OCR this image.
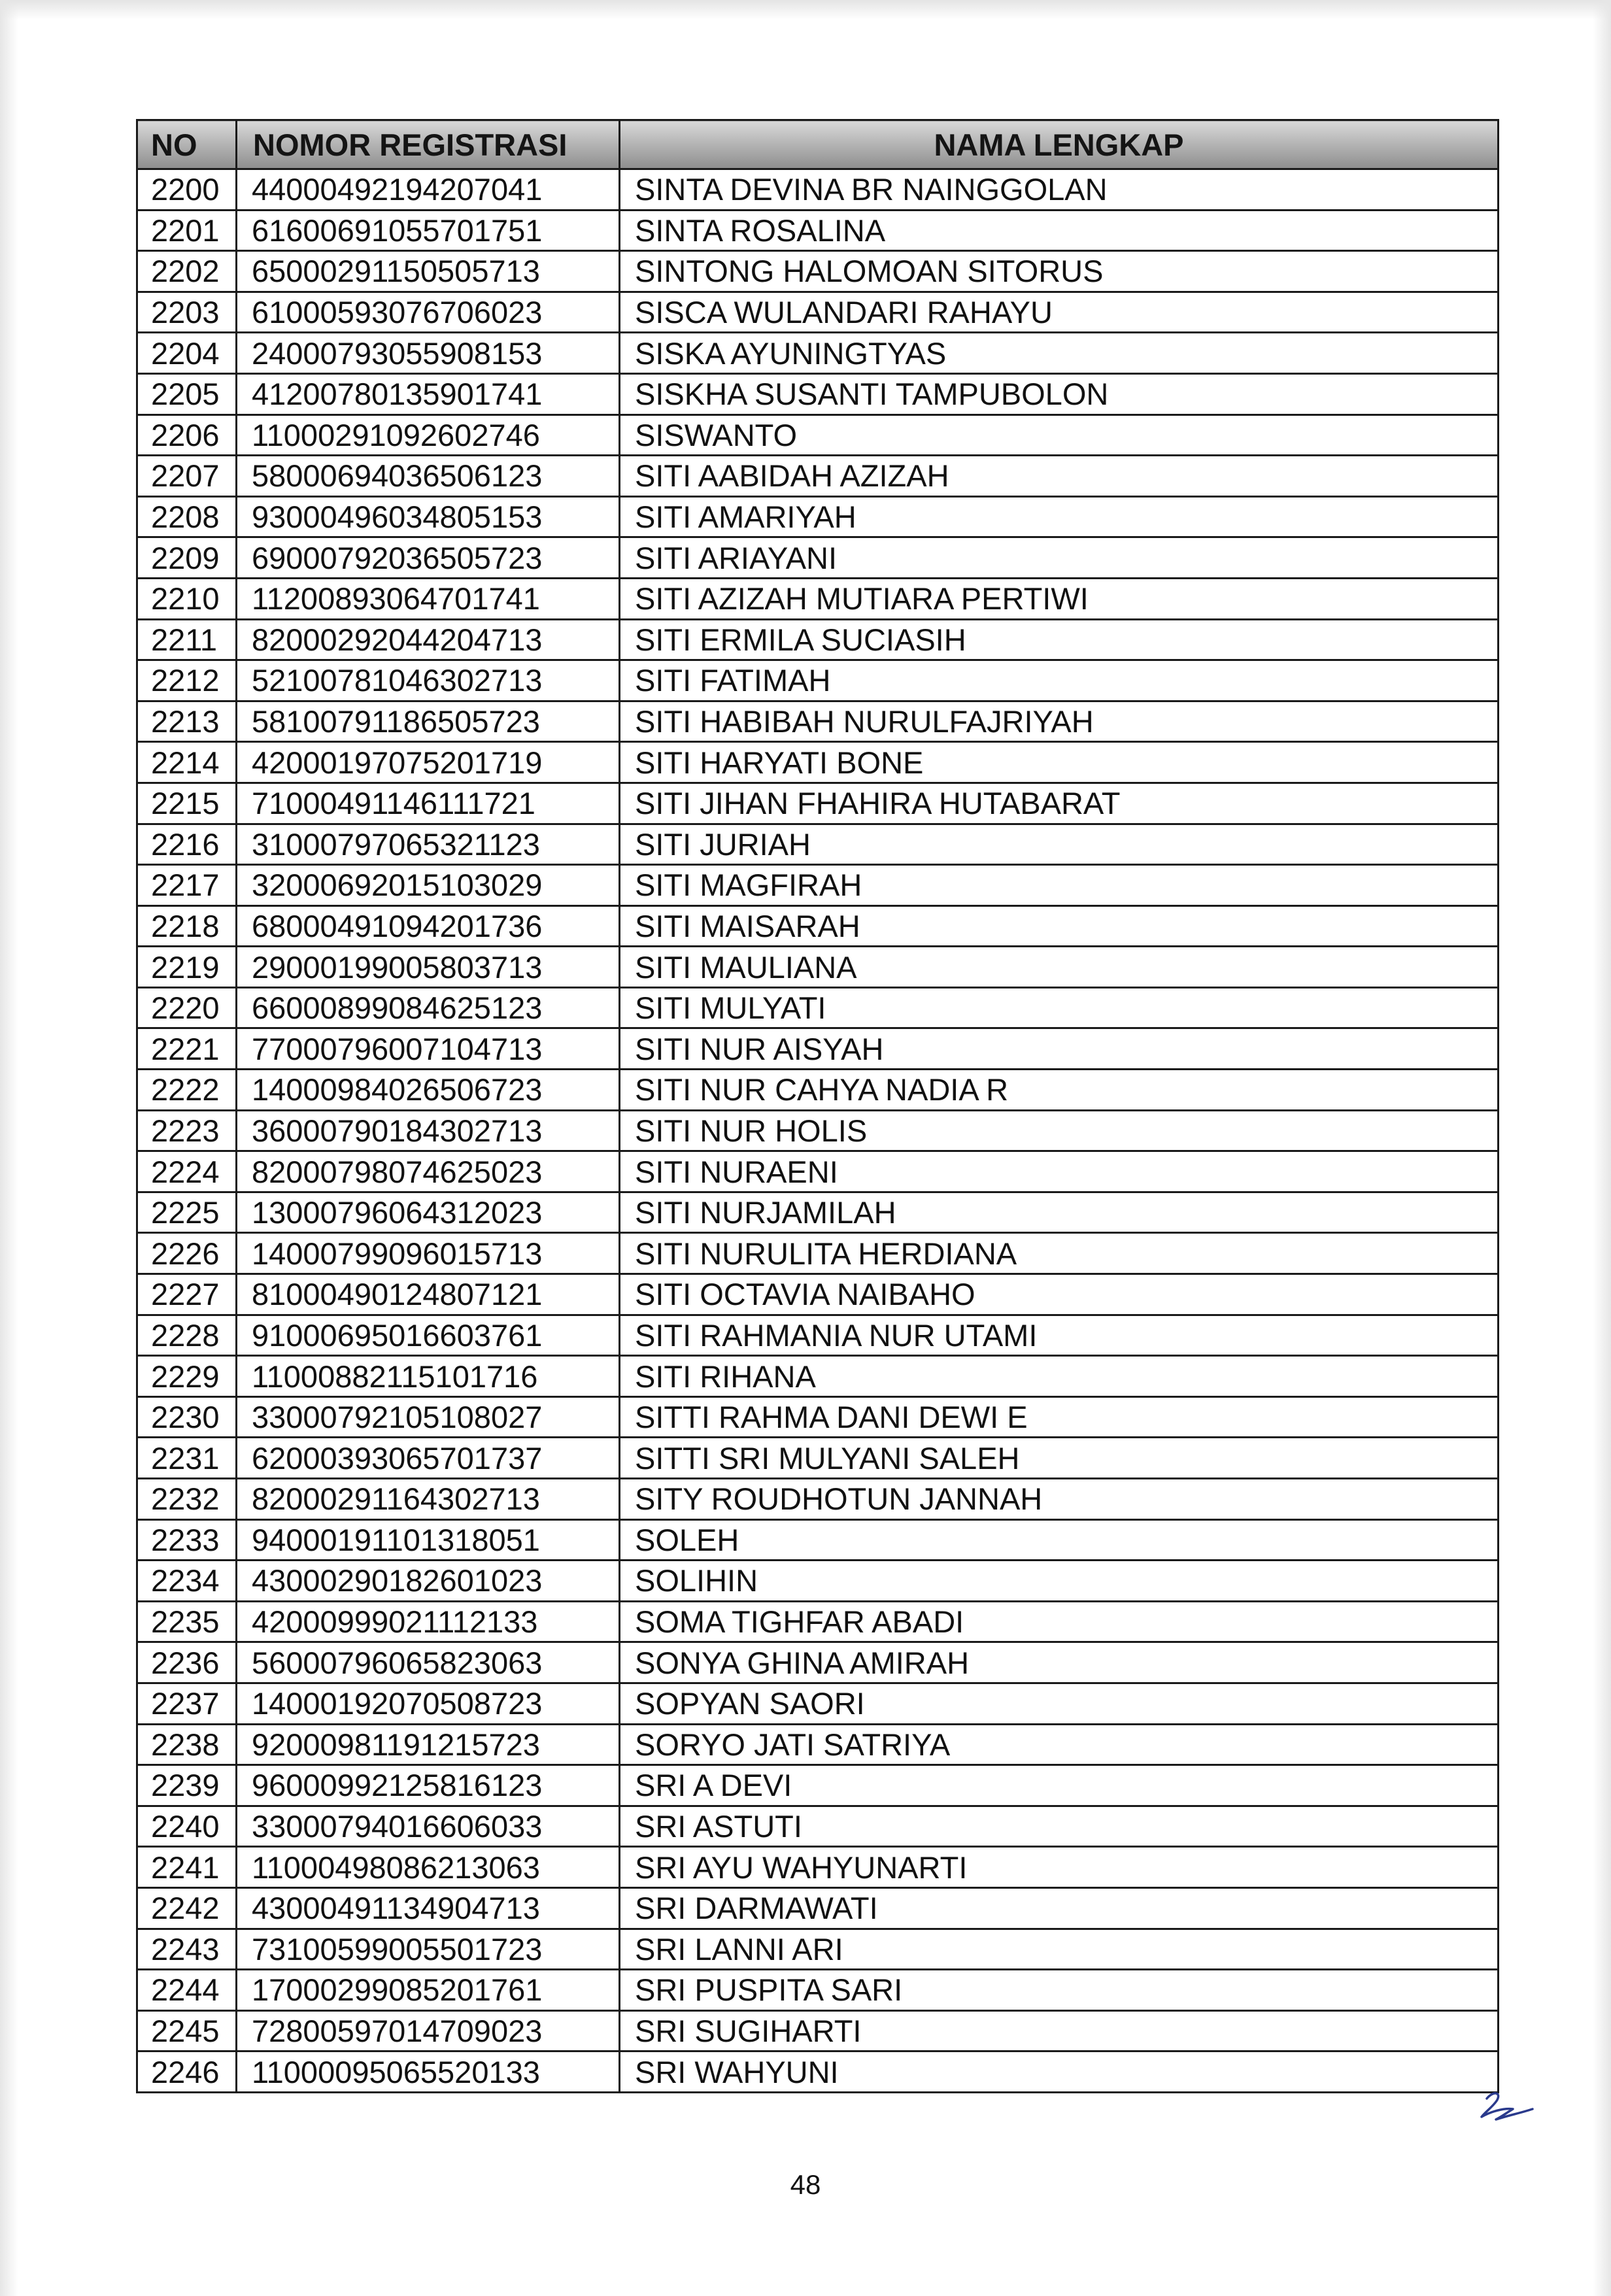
NO	NOMOR REGISTRASI	NAMA LENGKAP
2200	44000492194207041	SINTA DEVINA BR NAINGGOLAN
2201	61600691055701751	SINTA ROSALINA
2202	65000291150505713	SINTONG HALOMOAN SITORUS
2203	61000593076706023	SISCA WULANDARI RAHAYU
2204	24000793055908153	SISKA AYUNINGTYAS
2205	41200780135901741	SISKHA SUSANTI TAMPUBOLON
2206	11000291092602746	SISWANTO
2207	58000694036506123	SITI AABIDAH AZIZAH
2208	93000496034805153	SITI AMARIYAH
2209	69000792036505723	SITI ARIAYANI
2210	11200893064701741	SITI AZIZAH MUTIARA PERTIWI
2211	82000292044204713	SITI ERMILA SUCIASIH
2212	52100781046302713	SITI FATIMAH
2213	58100791186505723	SITI HABIBAH NURULFAJRIYAH
2214	42000197075201719	SITI HARYATI BONE
2215	71000491146111721	SITI JIHAN FHAHIRA HUTABARAT
2216	31000797065321123	SITI JURIAH
2217	32000692015103029	SITI MAGFIRAH
2218	68000491094201736	SITI MAISARAH
2219	29000199005803713	SITI MAULIANA
2220	66000899084625123	SITI MULYATI
2221	77000796007104713	SITI NUR AISYAH
2222	14000984026506723	SITI NUR CAHYA NADIA R
2223	36000790184302713	SITI NUR HOLIS
2224	82000798074625023	SITI NURAENI
2225	13000796064312023	SITI NURJAMILAH
2226	14000799096015713	SITI NURULITA HERDIANA
2227	81000490124807121	SITI OCTAVIA NAIBAHO
2228	91000695016603761	SITI RAHMANIA NUR UTAMI
2229	11000882115101716	SITI RIHANA
2230	33000792105108027	SITTI RAHMA DANI DEWI E
2231	62000393065701737	SITTI SRI MULYANI SALEH
2232	82000291164302713	SITY ROUDHOTUN JANNAH
2233	94000191101318051	SOLEH
2234	43000290182601023	SOLIHIN
2235	42000999021112133	SOMA TIGHFAR ABADI
2236	56000796065823063	SONYA GHINA AMIRAH
2237	14000192070508723	SOPYAN SAORI
2238	92000981191215723	SORYO JATI SATRIYA
2239	96000992125816123	SRI A DEVI
2240	33000794016606033	SRI ASTUTI
2241	11000498086213063	SRI AYU WAHYUNARTI
2242	43000491134904713	SRI DARMAWATI
2243	73100599005501723	SRI LANNI ARI
2244	17000299085201761	SRI PUSPITA SARI
2245	72800597014709023	SRI SUGIHARTI
2246	11000095065520133	SRI WAHYUNI
48
